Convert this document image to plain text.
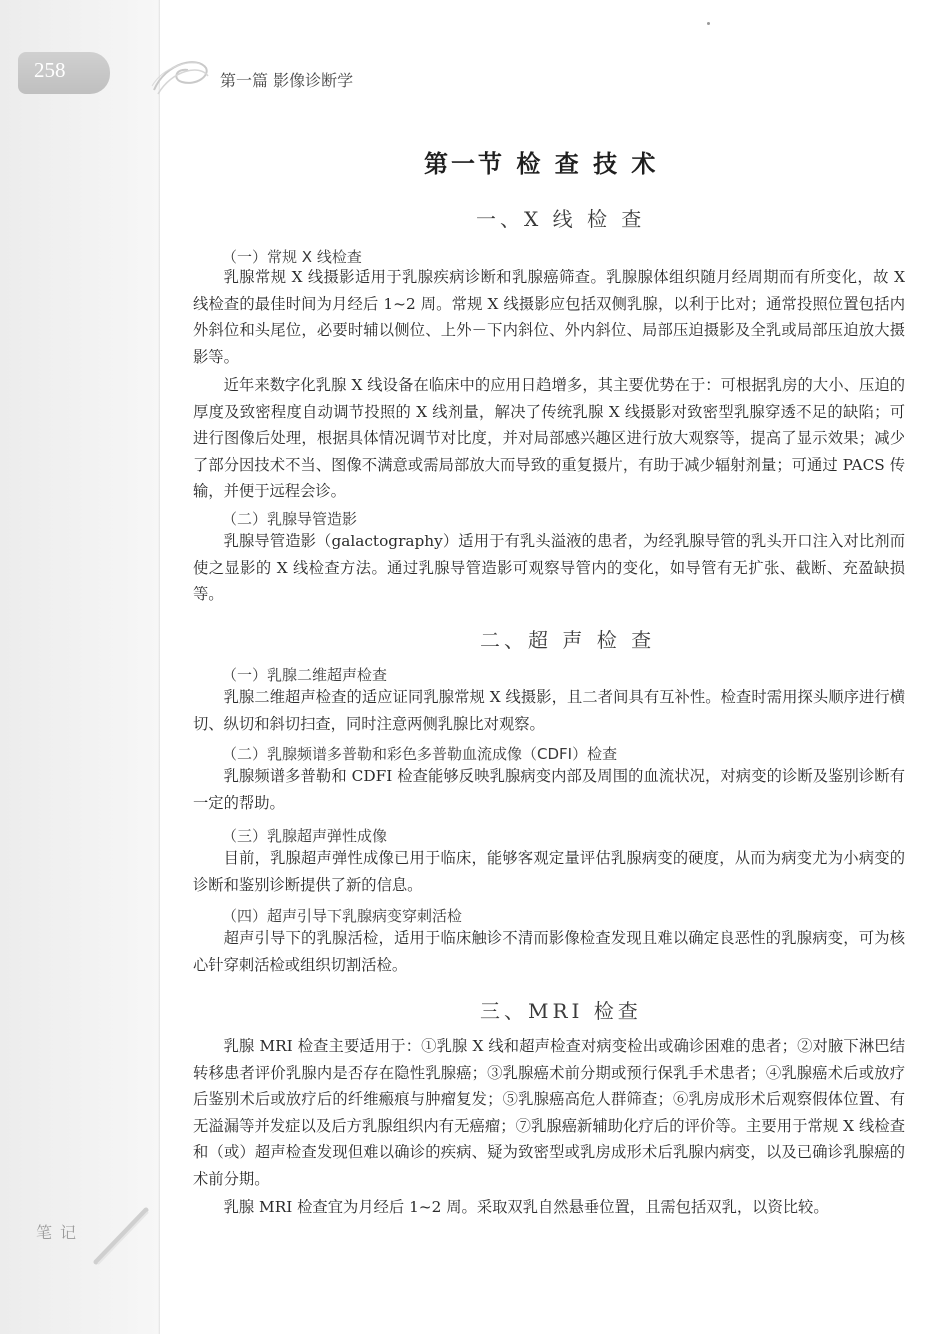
258	第一篇 影像诊断学
第一节 检 查 技 术
一、X 线 检 查
（一）常规 X 线检查

乳腺常规 X 线摄影适用于乳腺疾病诊断和乳腺癌筛查。乳腺腺体组织随月经周期而有所变化，故 X 线检查的最佳时间为月经后 1~2 周。常规 X 线摄影应包括双侧乳腺，以利于比对；通常投照位置包括内外斜位和头尾位，必要时辅以侧位、上外－下内斜位、外内斜位、局部压迫摄影及全乳或局部压迫放大摄影等。

近年来数字化乳腺 X 线设备在临床中的应用日趋增多，其主要优势在于：可根据乳房的大小、压迫的厚度及致密程度自动调节投照的 X 线剂量，解决了传统乳腺 X 线摄影对致密型乳腺穿透不足的缺陷；可进行图像后处理，根据具体情况调节对比度，并对局部感兴趣区进行放大观察等，提高了显示效果；减少了部分因技术不当、图像不满意或需局部放大而导致的重复摄片，有助于减少辐射剂量；可通过 PACS 传输，并便于远程会诊。

（二）乳腺导管造影

乳腺导管造影（galactography）适用于有乳头溢液的患者，为经乳腺导管的乳头开口注入对比剂而使之显影的 X 线检查方法。通过乳腺导管造影可观察导管内的变化，如导管有无扩张、截断、充盈缺损等。

二、超 声 检 查
（一）乳腺二维超声检查

乳腺二维超声检查的适应证同乳腺常规 X 线摄影，且二者间具有互补性。检查时需用探头顺序进行横切、纵切和斜切扫查，同时注意两侧乳腺比对观察。

（二）乳腺频谱多普勒和彩色多普勒血流成像（CDFI）检查

乳腺频谱多普勒和 CDFI 检查能够反映乳腺病变内部及周围的血流状况，对病变的诊断及鉴别诊断有一定的帮助。

（三）乳腺超声弹性成像

目前，乳腺超声弹性成像已用于临床，能够客观定量评估乳腺病变的硬度，从而为病变尤为小病变的诊断和鉴别诊断提供了新的信息。

（四）超声引导下乳腺病变穿刺活检

超声引导下的乳腺活检，适用于临床触诊不清而影像检查发现且难以确定良恶性的乳腺病变，可为核心针穿刺活检或组织切割活检。

三、MRI 检查

乳腺 MRI 检查主要适用于：①乳腺 X 线和超声检查对病变检出或确诊困难的患者；②对腋下淋巴结转移患者评价乳腺内是否存在隐性乳腺癌；③乳腺癌术前分期或预行保乳手术患者；④乳腺癌术后或放疗后鉴别术后或放疗后的纤维瘢痕与肿瘤复发；⑤乳腺癌高危人群筛查；⑥乳房成形术后观察假体位置、有无溢漏等并发症以及后方乳腺组织内有无癌瘤；⑦乳腺癌新辅助化疗后的评价等。主要用于常规 X 线检查和（或）超声检查发现但难以确诊的疾病、疑为致密型或乳房成形术后乳腺内病变，以及已确诊乳腺癌的术前分期。

乳腺 MRI 检查宜为月经后 1~2 周。采取双乳自然悬垂位置，且需包括双乳，以资比较。

笔记
